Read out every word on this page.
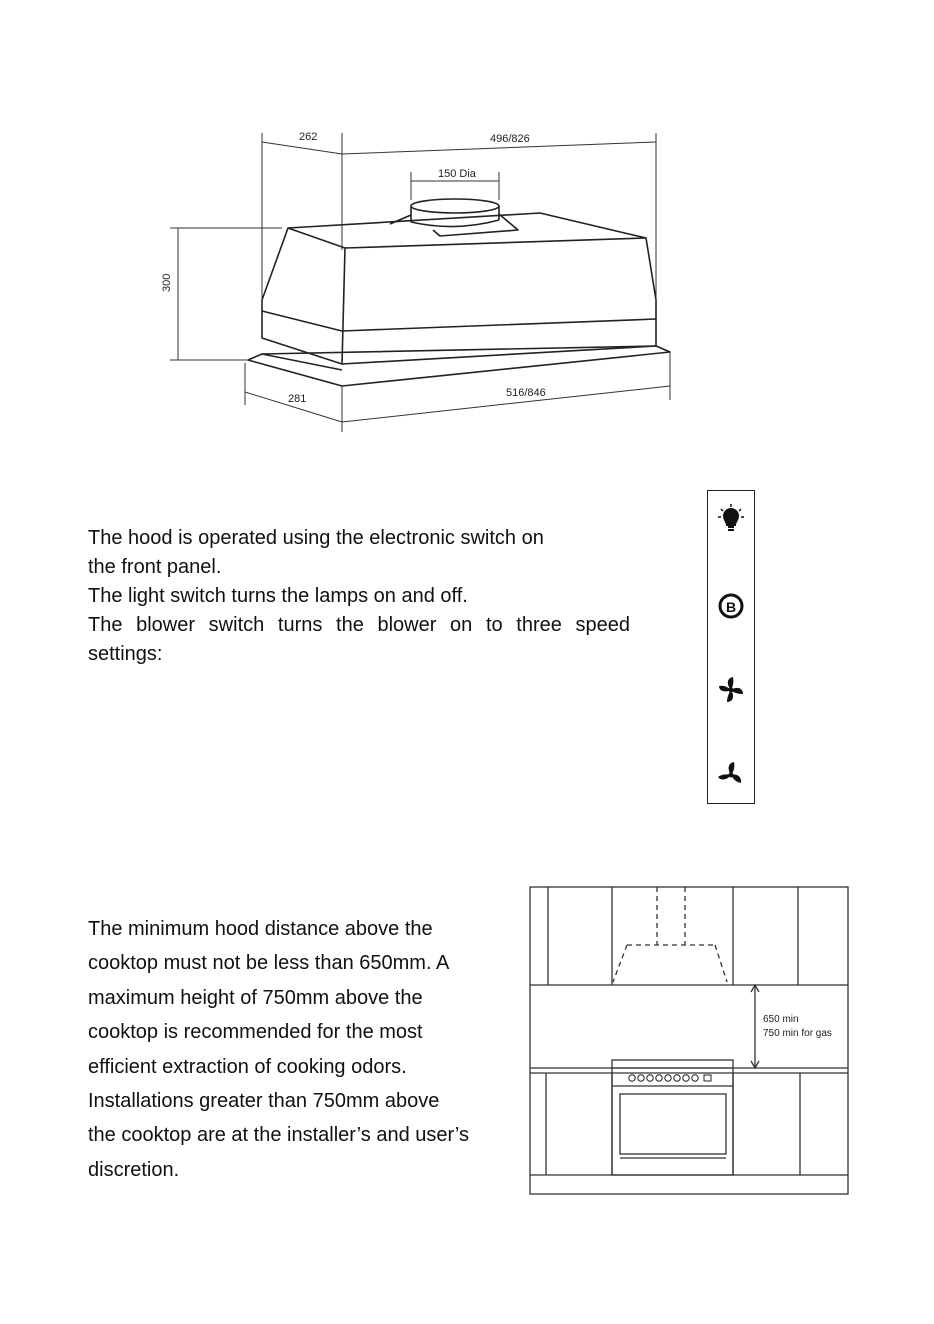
262	496/826
150 Dia
300
281	516/846

The hood is operated using the electronic switch on

the front panel.

The light switch turns the lamps on and off.

The blower switch turns the blower on to three speed

settings:

B

The minimum hood distance above the

cooktop must not be less than 650mm. A

maximum height of 750mm above the

cooktop is recommended for the most

efficient extraction of cooking odors.

Installations greater than 750mm above

the cooktop are at the installer’s and user’s

discretion.

650 min
750 min for gas
